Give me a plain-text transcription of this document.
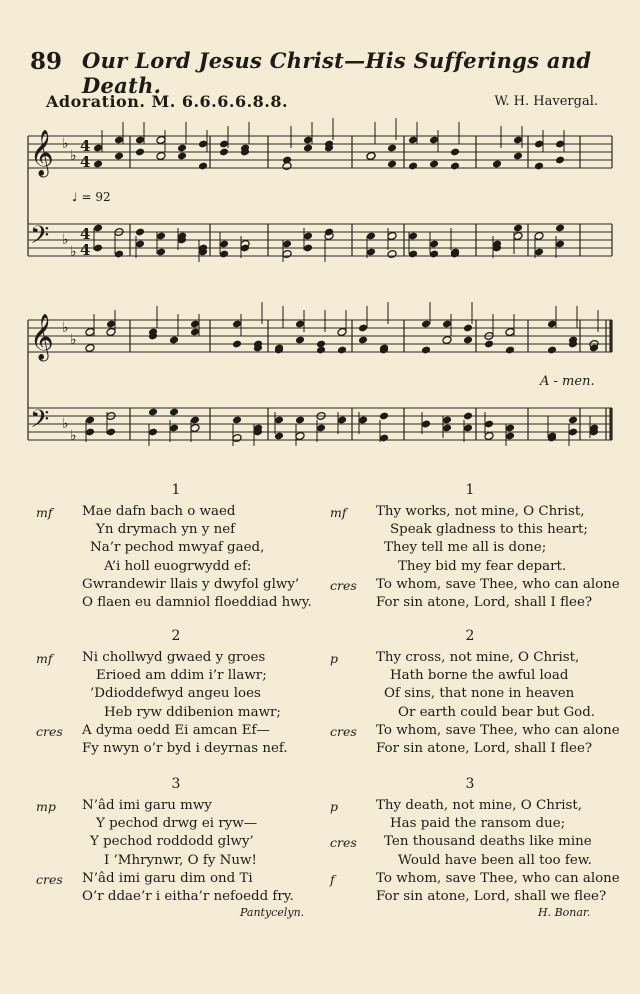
89 Our Lord Jesus Christ—His Sufferings and Death.
Adoration. M. 6.6.6.6.8.8.	W. H. Havergal.
𝄞 ♭
♭
4
4
𝄢 ♭
♭
4
4
♩ = 92
𝄞 ♭
♭
𝄢 ♭
♭
A - men.
1
mf Mae dafn bach o waed
Yn drymach yn y nef
Na’r pechod mwyaf gaed,
A’i holl euogrwydd ef:
Gwrandewir llais y dwyfol glwy’
O flaen eu damniol floeddiad hwy.
2
mf Ni chollwyd gwaed y groes
Erioed am ddim i’r llawr;
’Ddioddefwyd angeu loes
Heb ryw ddibenion mawr;
cres A dyma oedd Ei amcan Ef—
Fy nwyn o’r byd i deyrnas nef.
3
mp N’âd imi garu mwy
Y pechod drwg ei ryw—
Y pechod roddodd glwy’
I ’Mhrynwr, O fy Nuw!
cres N’âd imi garu dim ond Ti
O’r ddae’r i eitha’r nefoedd fry.
1
mf Thy works, not mine, O Christ,
Speak gladness to this heart;
They tell me all is done;
They bid my fear depart.
cres To whom, save Thee, who can alone
For sin atone, Lord, shall I flee?
2
p	Thy cross, not mine, O Christ,
Hath borne the awful load
Of sins, that none in heaven
Or earth could bear but God.
cres To whom, save Thee, who can alone
For sin atone, Lord, shall I flee?
3
p	Thy death, not mine, O Christ,
Has paid the ransom due;
cres Ten thousand deaths like mine
Would have been all too few.
f	To whom, save Thee, who can alone
For sin atone, Lord, shall we flee?
Pantycelyn.	H. Bonar.
